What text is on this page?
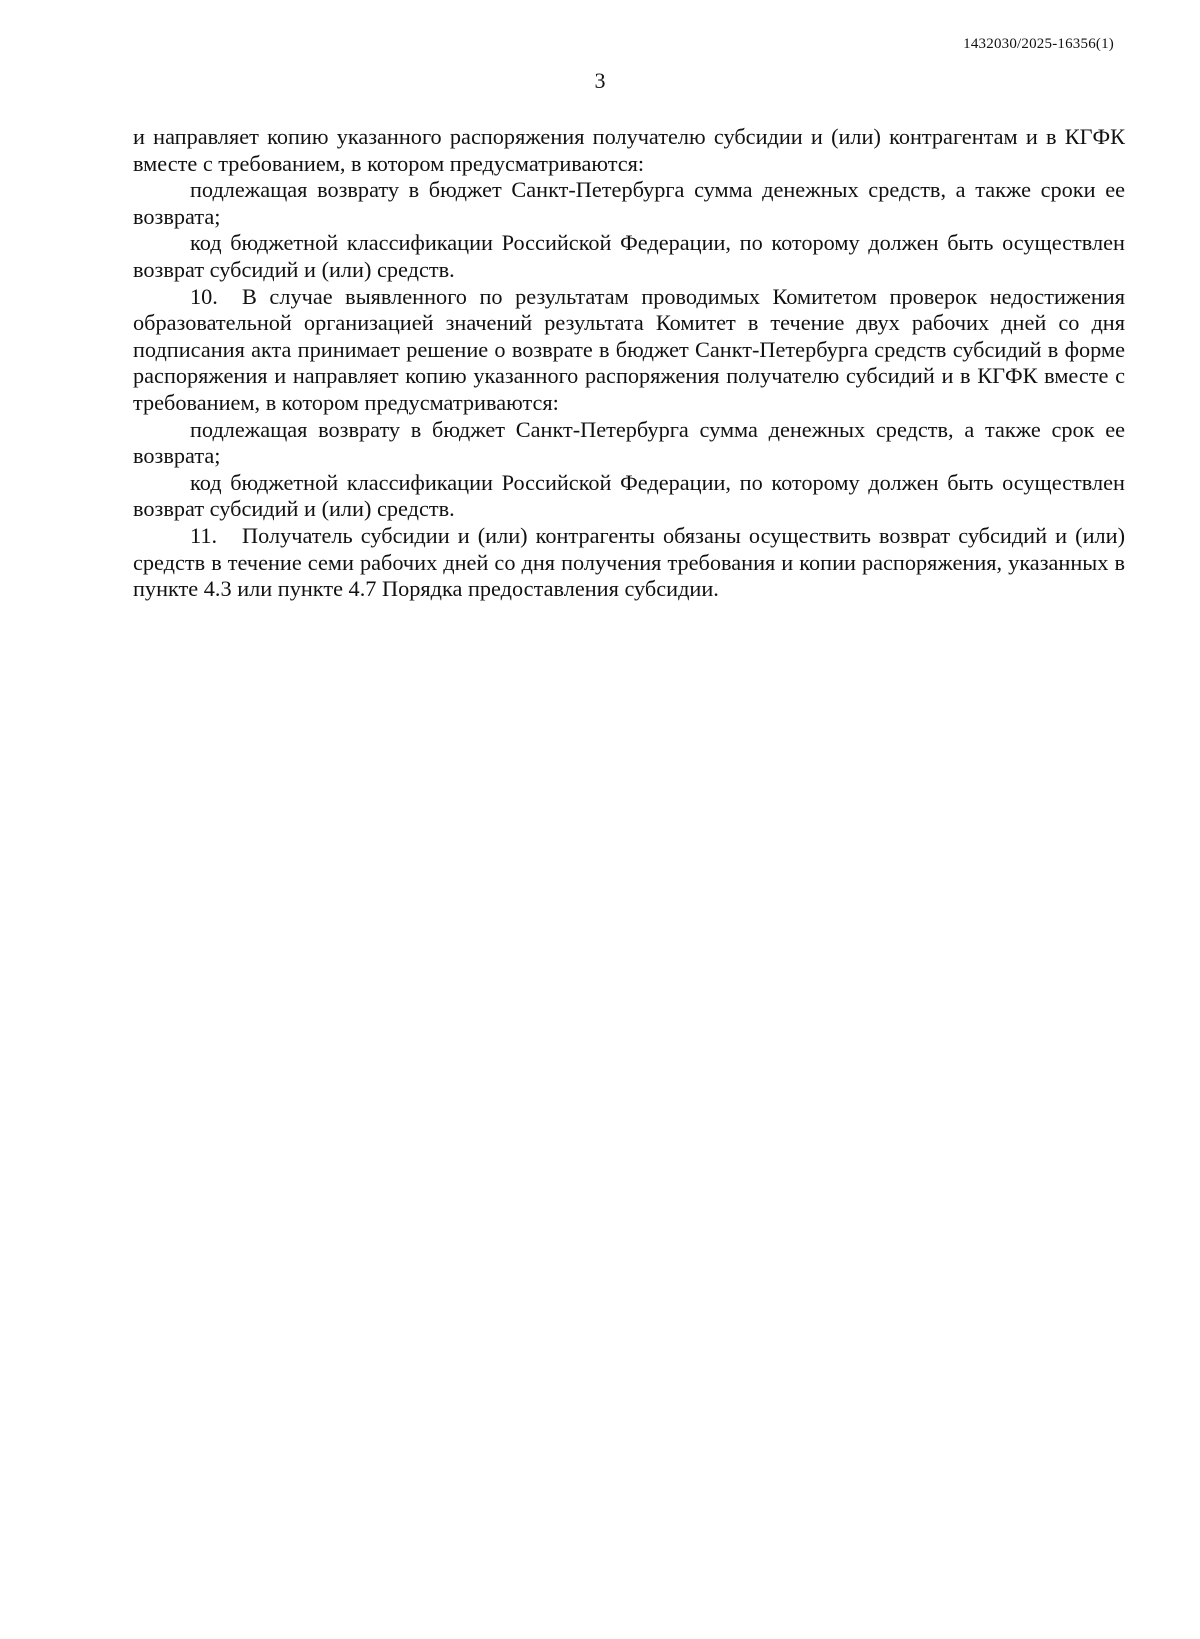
1432030/2025-16356(1)
3

и направляет копию указанного распоряжения получателю субсидии и (или) контрагентам и в КГФК вместе с требованием, в котором предусматриваются:

подлежащая возврату в бюджет Санкт-Петербурга сумма денежных средств, а также сроки ее возврата;

код бюджетной классификации Российской Федерации, по которому должен быть осуществлен возврат субсидий и (или) средств.

10. В случае выявленного по результатам проводимых Комитетом проверок недостижения образовательной организацией значений результата Комитет в течение двух рабочих дней со дня подписания акта принимает решение о возврате в бюджет Санкт-Петербурга средств субсидий в форме распоряжения и направляет копию указанного распоряжения получателю субсидий и в КГФК вместе с требованием, в котором предусматриваются:

подлежащая возврату в бюджет Санкт-Петербурга сумма денежных средств, а также срок ее возврата;

код бюджетной классификации Российской Федерации, по которому должен быть осуществлен возврат субсидий и (или) средств.

11. Получатель субсидии и (или) контрагенты обязаны осуществить возврат субсидий и (или) средств в течение семи рабочих дней со дня получения требования и копии распоряжения, указанных в пункте 4.3 или пункте 4.7 Порядка предоставления субсидии.
